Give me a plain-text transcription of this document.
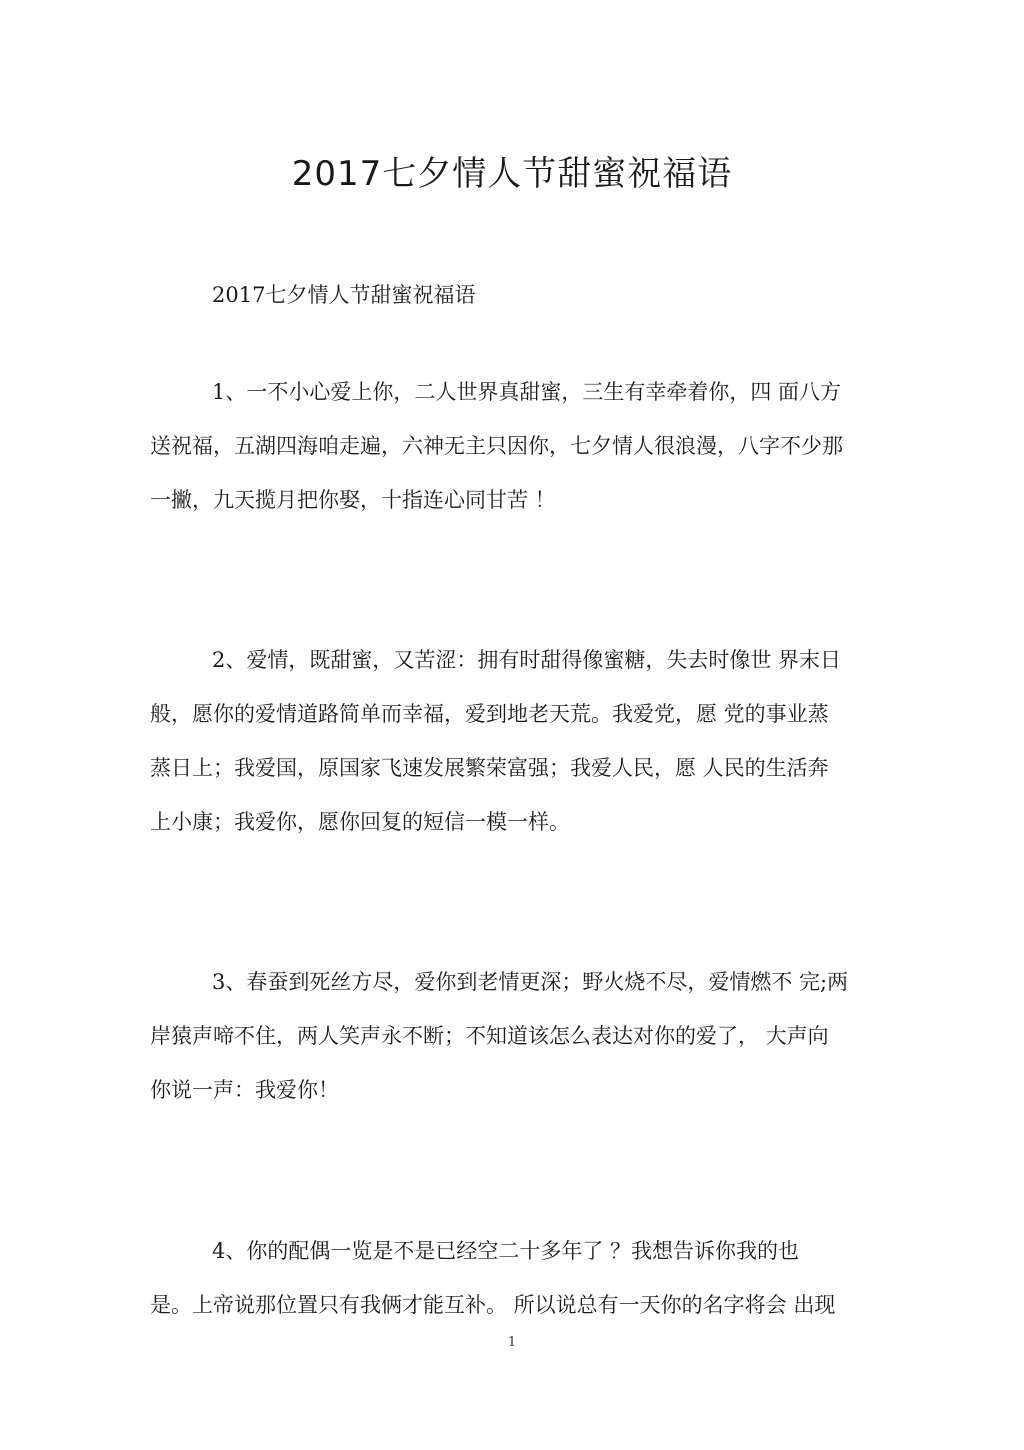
2017七夕情人节甜蜜祝福语

2017七夕情人节甜蜜祝福语

1、一不小心爱上你，二人世界真甜蜜，三生有幸牵着你，四 面八方
送祝福，五湖四海咱走遍，六神无主只因你，七夕情人很浪漫，八字不少那
一撇，九天揽月把你娶，十指连心同甘苦 ！

2、爱情，既甜蜜，又苦涩：拥有时甜得像蜜糖，失去时像世 界末日
般，愿你的爱情道路简单而幸福，爱到地老天荒。我爱党，愿 党的事业蒸
蒸日上；我爱国，原国家飞速发展繁荣富强；我爱人民，愿 人民的生活奔
上小康；我爱你，愿你回复的短信一模一样。

3、春蚕到死丝方尽，爱你到老情更深；野火烧不尽，爱情燃不 完;两
岸猿声啼不住，两人笑声永不断；不知道该怎么表达对你的爱了， 大声向
你说一声：我爱你！

4、你的配偶一览是不是已经空二十多年了 ？我想告诉你我的也
是。上帝说那位置只有我俩才能互补。 所以说总有一天你的名字将会 出现

1
